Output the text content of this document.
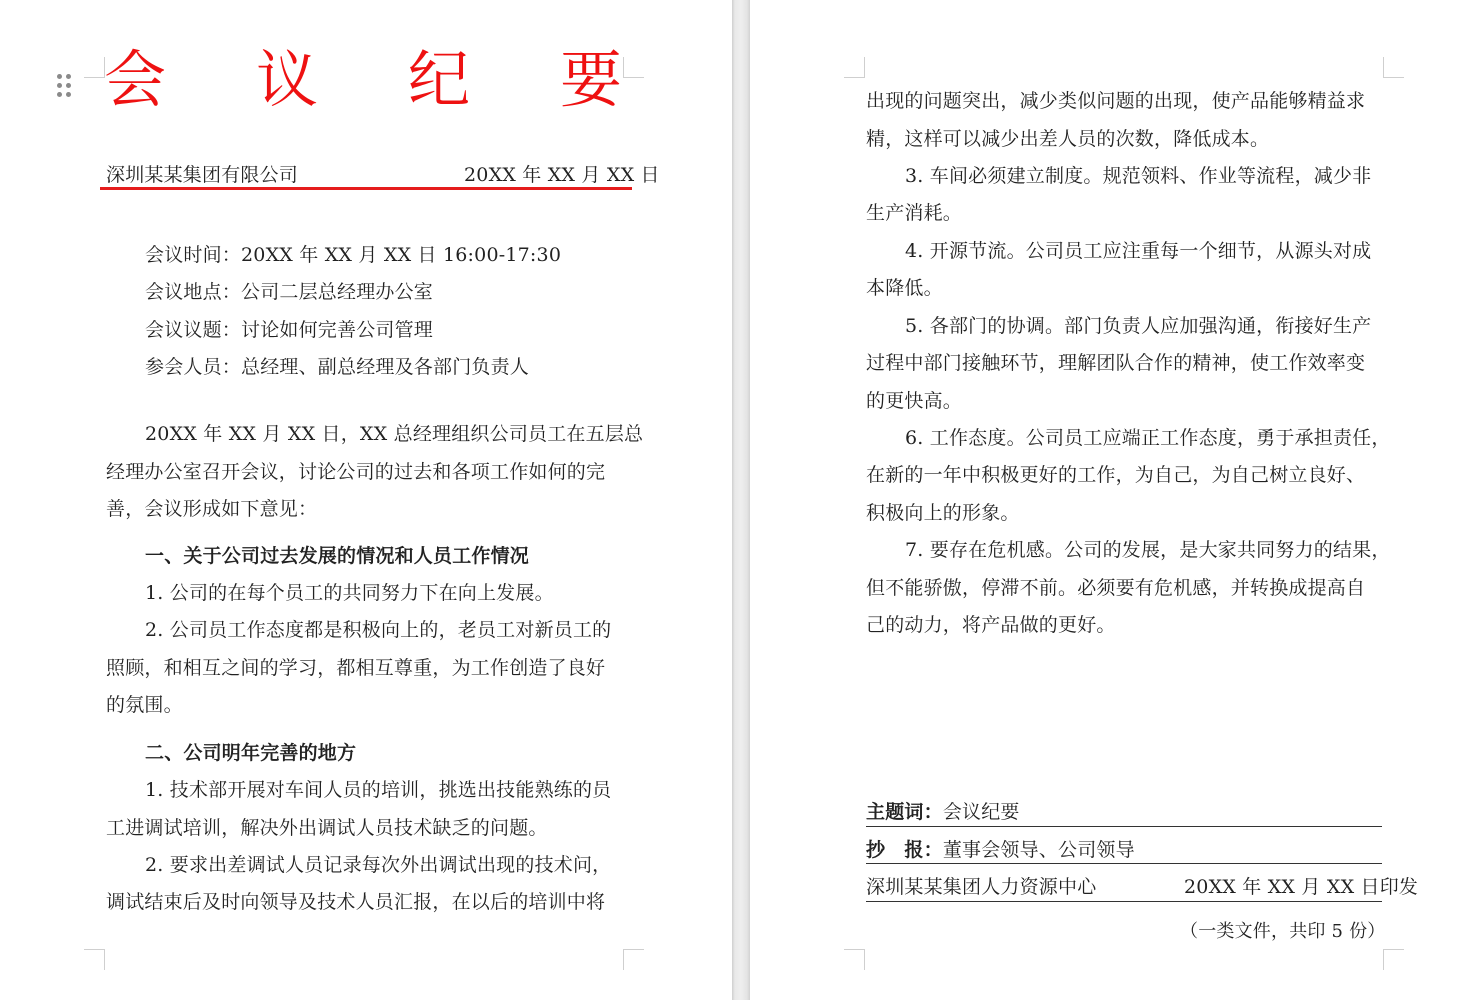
会 议 纪 要
深圳某某集团有限公司	20XX 年 XX 月 XX 日
会议时间：20XX 年 XX 月 XX 日 16:00-17:30
会议地点：公司二层总经理办公室
会议议题：讨论如何完善公司管理
参会人员：总经理、副总经理及各部门负责人
20XX 年 XX 月 XX 日，XX 总经理组织公司员工在五层总
经理办公室召开会议，讨论公司的过去和各项工作如何的完
善，会议形成如下意见：
一、关于公司过去发展的情况和人员工作情况
1. 公司的在每个员工的共同努力下在向上发展。
2. 公司员工作态度都是积极向上的，老员工对新员工的
照顾，和相互之间的学习，都相互尊重，为工作创造了良好
的氛围。
二、公司明年完善的地方
1. 技术部开展对车间人员的培训，挑选出技能熟练的员
工进调试培训，解决外出调试人员技术缺乏的问题。
2. 要求出差调试人员记录每次外出调试出现的技术问，
调试结束后及时向领导及技术人员汇报，在以后的培训中将
出现的问题突出，减少类似问题的出现，使产品能够精益求
精，这样可以减少出差人员的次数，降低成本。
3. 车间必须建立制度。规范领料、作业等流程，减少非
生产消耗。
4. 开源节流。公司员工应注重每一个细节，从源头对成
本降低。
5. 各部门的协调。部门负责人应加强沟通，衔接好生产
过程中部门接触环节，理解团队合作的精神，使工作效率变
的更快高。
6. 工作态度。公司员工应端正工作态度，勇于承担责任，
在新的一年中积极更好的工作，为自己，为自己树立良好、
积极向上的形象。
7. 要存在危机感。公司的发展，是大家共同努力的结果，
但不能骄傲，停滞不前。必须要有危机感，并转换成提高自
己的动力，将产品做的更好。
主题词：会议纪要
抄　报：董事会领导、公司领导
深圳某某集团人力资源中心	20XX 年 XX 月 XX 日印发
（一类文件，共印 5 份）
